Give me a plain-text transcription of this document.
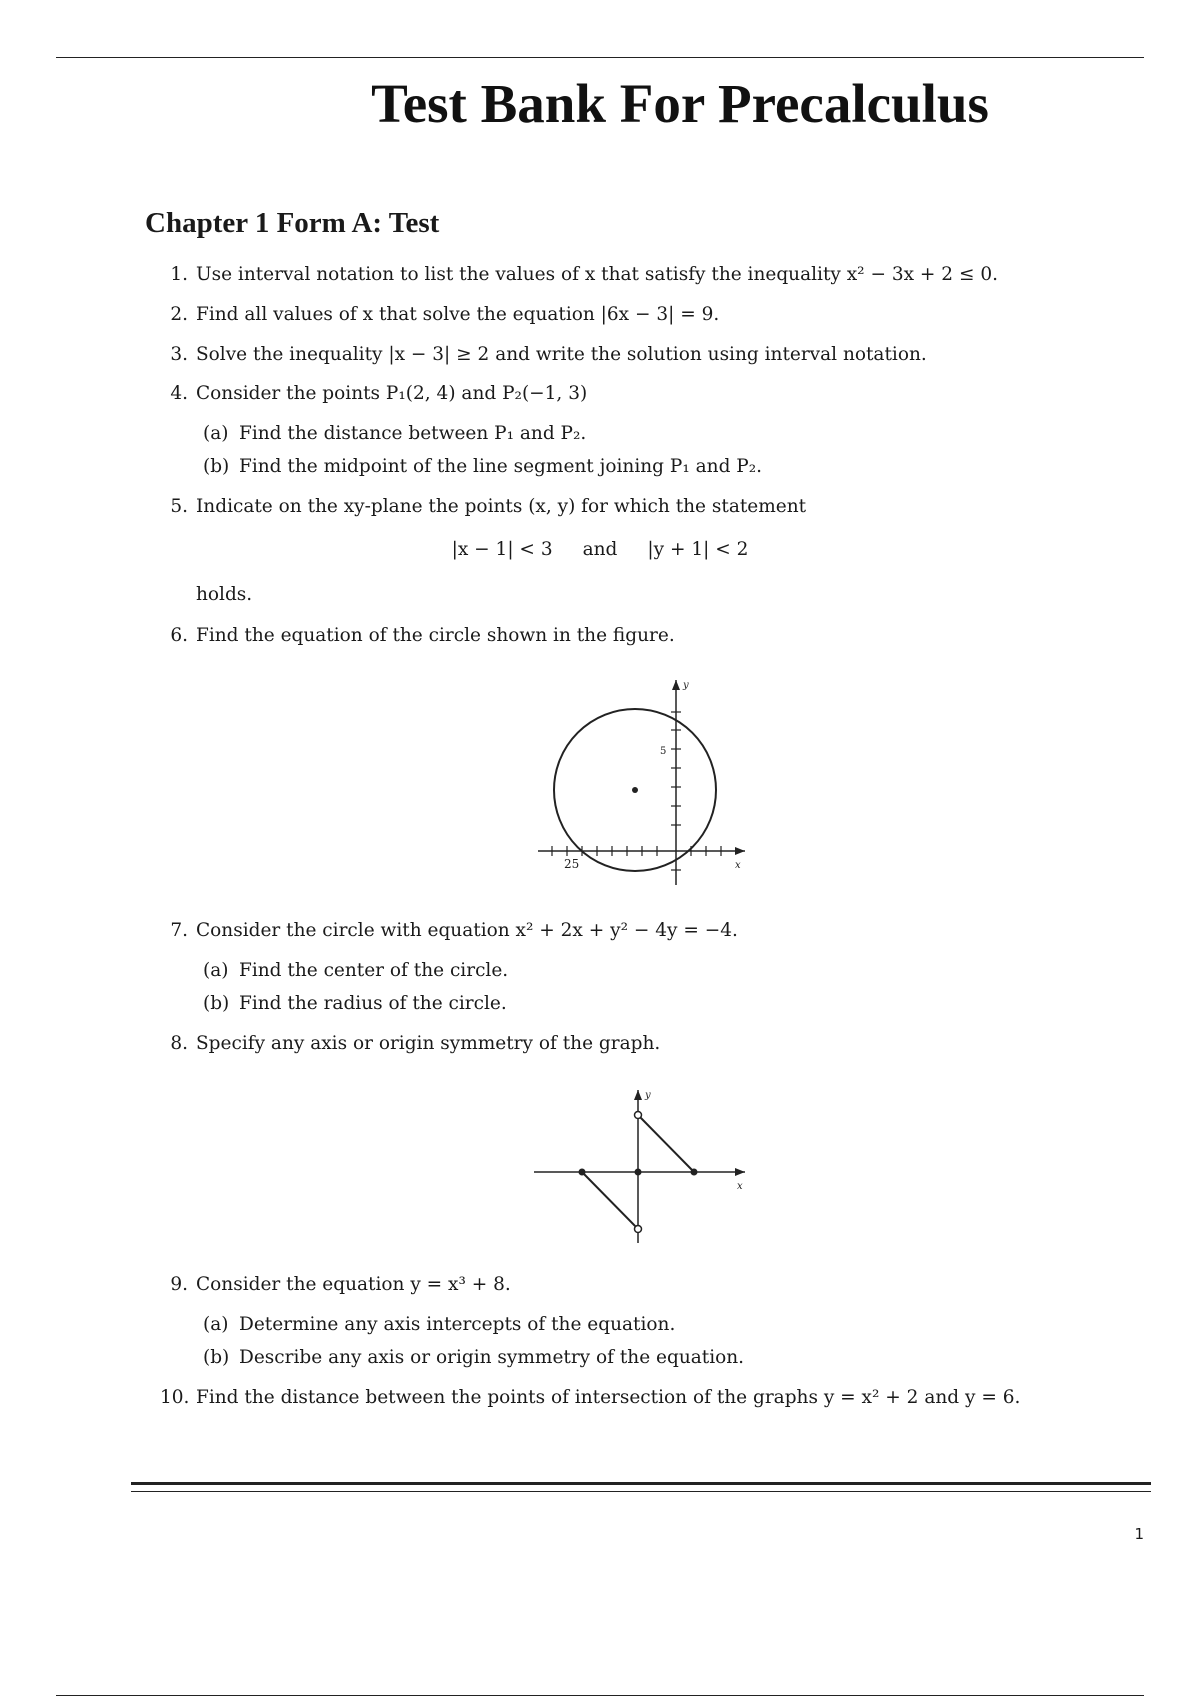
Test Bank For Precalculus
Chapter 1 Form A: Test
1. Use interval notation to list the values of x that satisfy the inequality x² − 3x + 2 ≤ 0.
2. Find all values of x that solve the equation |6x − 3| = 9.
3. Solve the inequality |x − 3| ≥ 2 and write the solution using interval notation.
4. Consider the points P₁(2, 4) and P₂(−1, 3)
(a) Find the distance between P₁ and P₂.
(b) Find the midpoint of the line segment joining P₁ and P₂.
5. Indicate on the xy-plane the points (x, y) for which the statement
|x − 1| < 3 and |y + 1| < 2
holds.
6. Find the equation of the circle shown in the figure.
y
5
25	x
7. Consider the circle with equation x² + 2x + y² − 4y = −4.
(a) Find the center of the circle.
(b) Find the radius of the circle.
8. Specify any axis or origin symmetry of the graph.
y
x
9. Consider the equation y = x³ + 8.
(a) Determine any axis intercepts of the equation.
(b) Describe any axis or origin symmetry of the equation.
10. Find the distance between the points of intersection of the graphs y = x² + 2 and y = 6.
1
